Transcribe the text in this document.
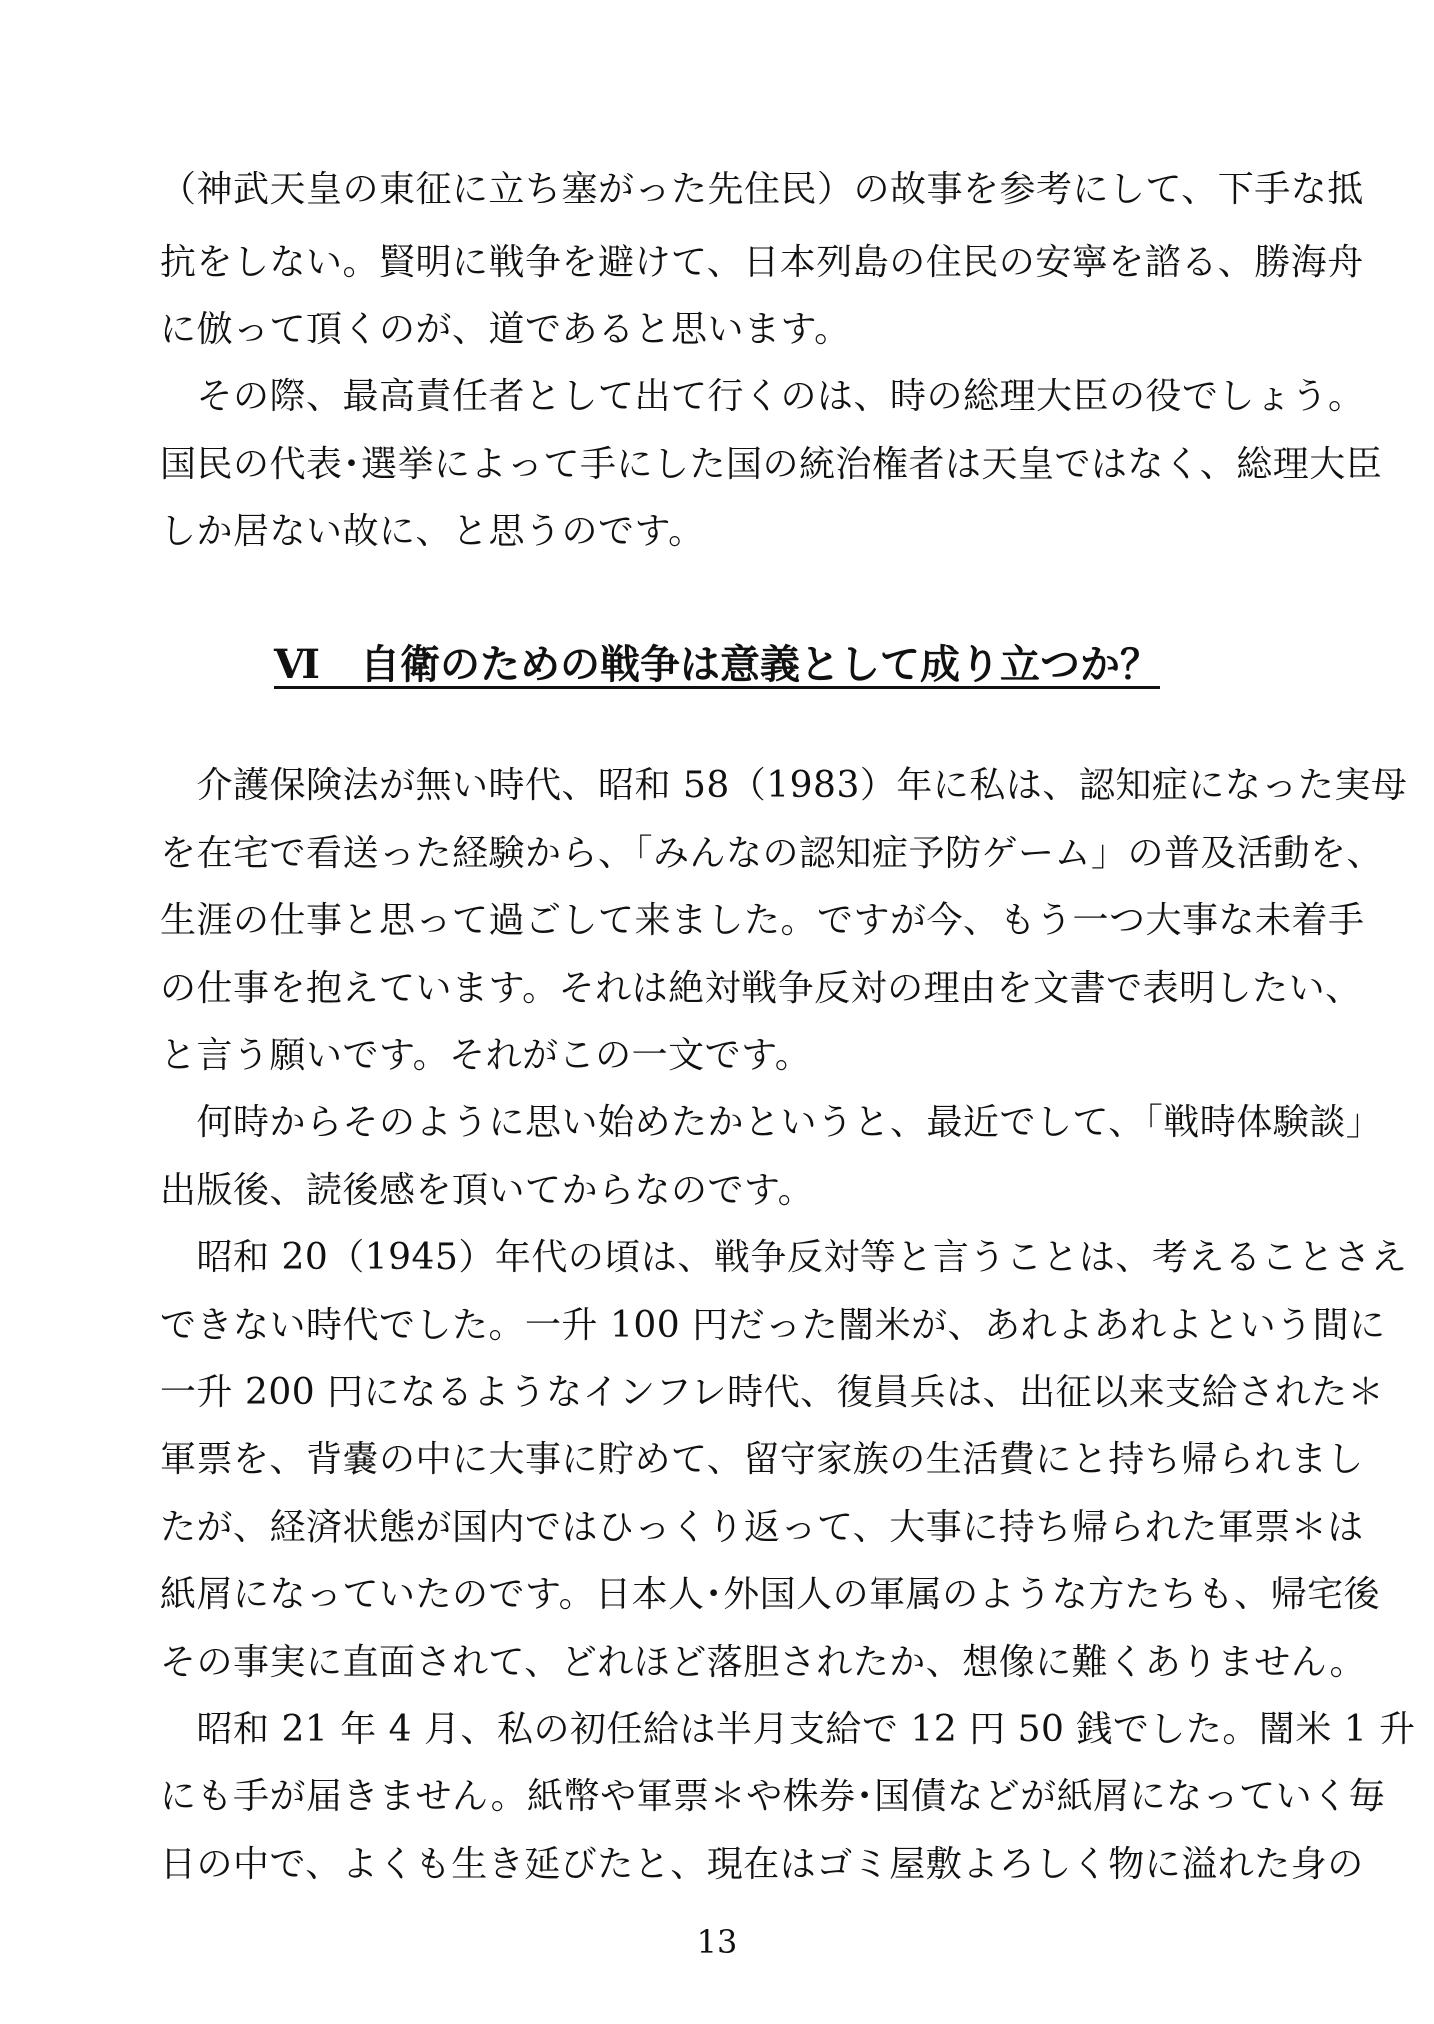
（神武天皇の東征に立ち塞がった先住民）の故事を参考にして、下手な抵
抗をしない。賢明に戦争を避けて、日本列島の住民の安寧を諮る、勝海舟
に倣って頂くのが、道であると思います。
　その際、最高責任者として出て行くのは、時の総理大臣の役でしょう。
国民の代表･選挙によって手にした国の統治権者は天皇ではなく、総理大臣
しか居ない故に、と思うのです。
Ⅵ　自衛のための戦争は意義として成り立つか？
　介護保険法が無い時代、昭和 58（1983）年に私は、認知症になった実母
を在宅で看送った経験から、「みんなの認知症予防ゲーム」の普及活動を、
生涯の仕事と思って過ごして来ました。ですが今、もう一つ大事な未着手
の仕事を抱えています。それは絶対戦争反対の理由を文書で表明したい、
と言う願いです。それがこの一文です。
　何時からそのように思い始めたかというと、最近でして、「戦時体験談」
出版後、読後感を頂いてからなのです。
　昭和 20（1945）年代の頃は、戦争反対等と言うことは、考えることさえ
できない時代でした。一升 100 円だった闇米が、あれよあれよという間に
一升 200 円になるようなインフレ時代、復員兵は、出征以来支給された＊
軍票を、背嚢の中に大事に貯めて、留守家族の生活費にと持ち帰られまし
たが、経済状態が国内ではひっくり返って、大事に持ち帰られた軍票＊は
紙屑になっていたのです。日本人･外国人の軍属のような方たちも、帰宅後
その事実に直面されて、どれほど落胆されたか、想像に難くありません。
　昭和 21 年 4 月、私の初任給は半月支給で 12 円 50 銭でした。闇米 1 升
にも手が届きません。紙幣や軍票＊や株券･国債などが紙屑になっていく毎
日の中で、よくも生き延びたと、現在はゴミ屋敷よろしく物に溢れた身の
13
